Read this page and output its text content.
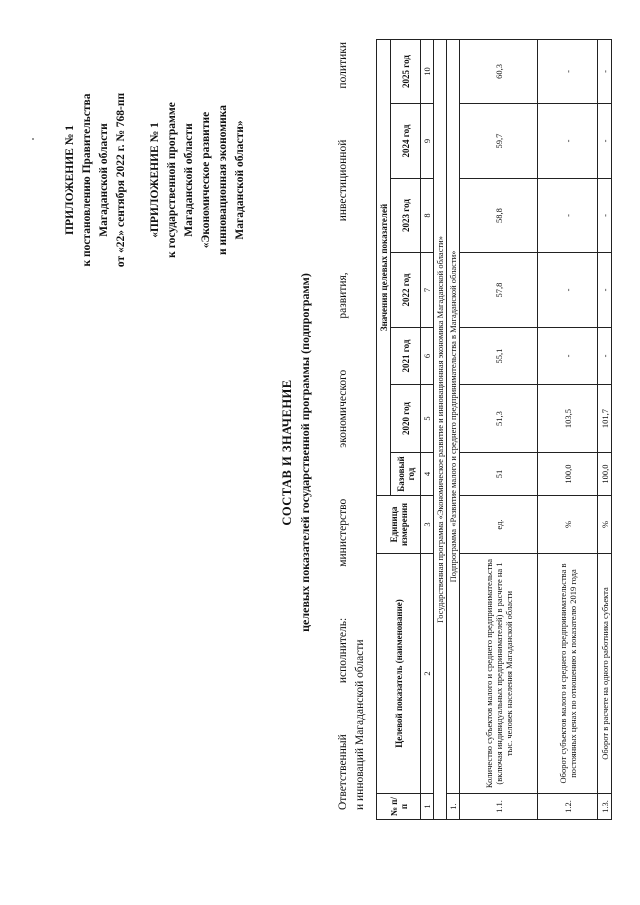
ПРИЛОЖЕНИЕ № 1 к постановлению Правительства Магаданской области от «22» сентября 2022 г. № 768-пп «ПРИЛОЖЕНИЕ № 1 к государственной программе Магаданской области «Экономическое развитие и инновационная экономика Магаданской области»
СОСТАВ И ЗНАЧЕНИЕ целевых показателей государственной программы (подпрограмм) Ответственный исполнитель: министерство экономического развития, инвестиционной политики и инноваций Магаданской области	№ п/п	Целевой показатель (наименование)	Единица измерения	Значения целевых показателей						
			Базовый год	2020 год	2021 год	2022 год	2023 год	2024 год	2025 год
1	2	3	4	5	6	7	8	9	10
Государственная программа «Экономическое развитие и инновационная экономика Магаданской области»									
1.	Подпрограмма «Развитие малого и среднего предпринимательства в Магаданской области»								
1.1.	Количество субъектов малого и среднего предпринимательства (включая индивидуальных предпринимателей) в расчете на 1 тыс. человек населения Магаданской области	ед.	51	51,3	55,1	57,8	58,8	59,7	60,3
1.2.	Оборот субъектов малого и среднего предпринимательства в постоянных ценах по отношению к показателю 2019 года	%	100,0	103,5	-	-	-	-	-
1.3.	Оборот в расчете на одного работника субъекта	%	100,0	101,7	-	-	-	-	-
